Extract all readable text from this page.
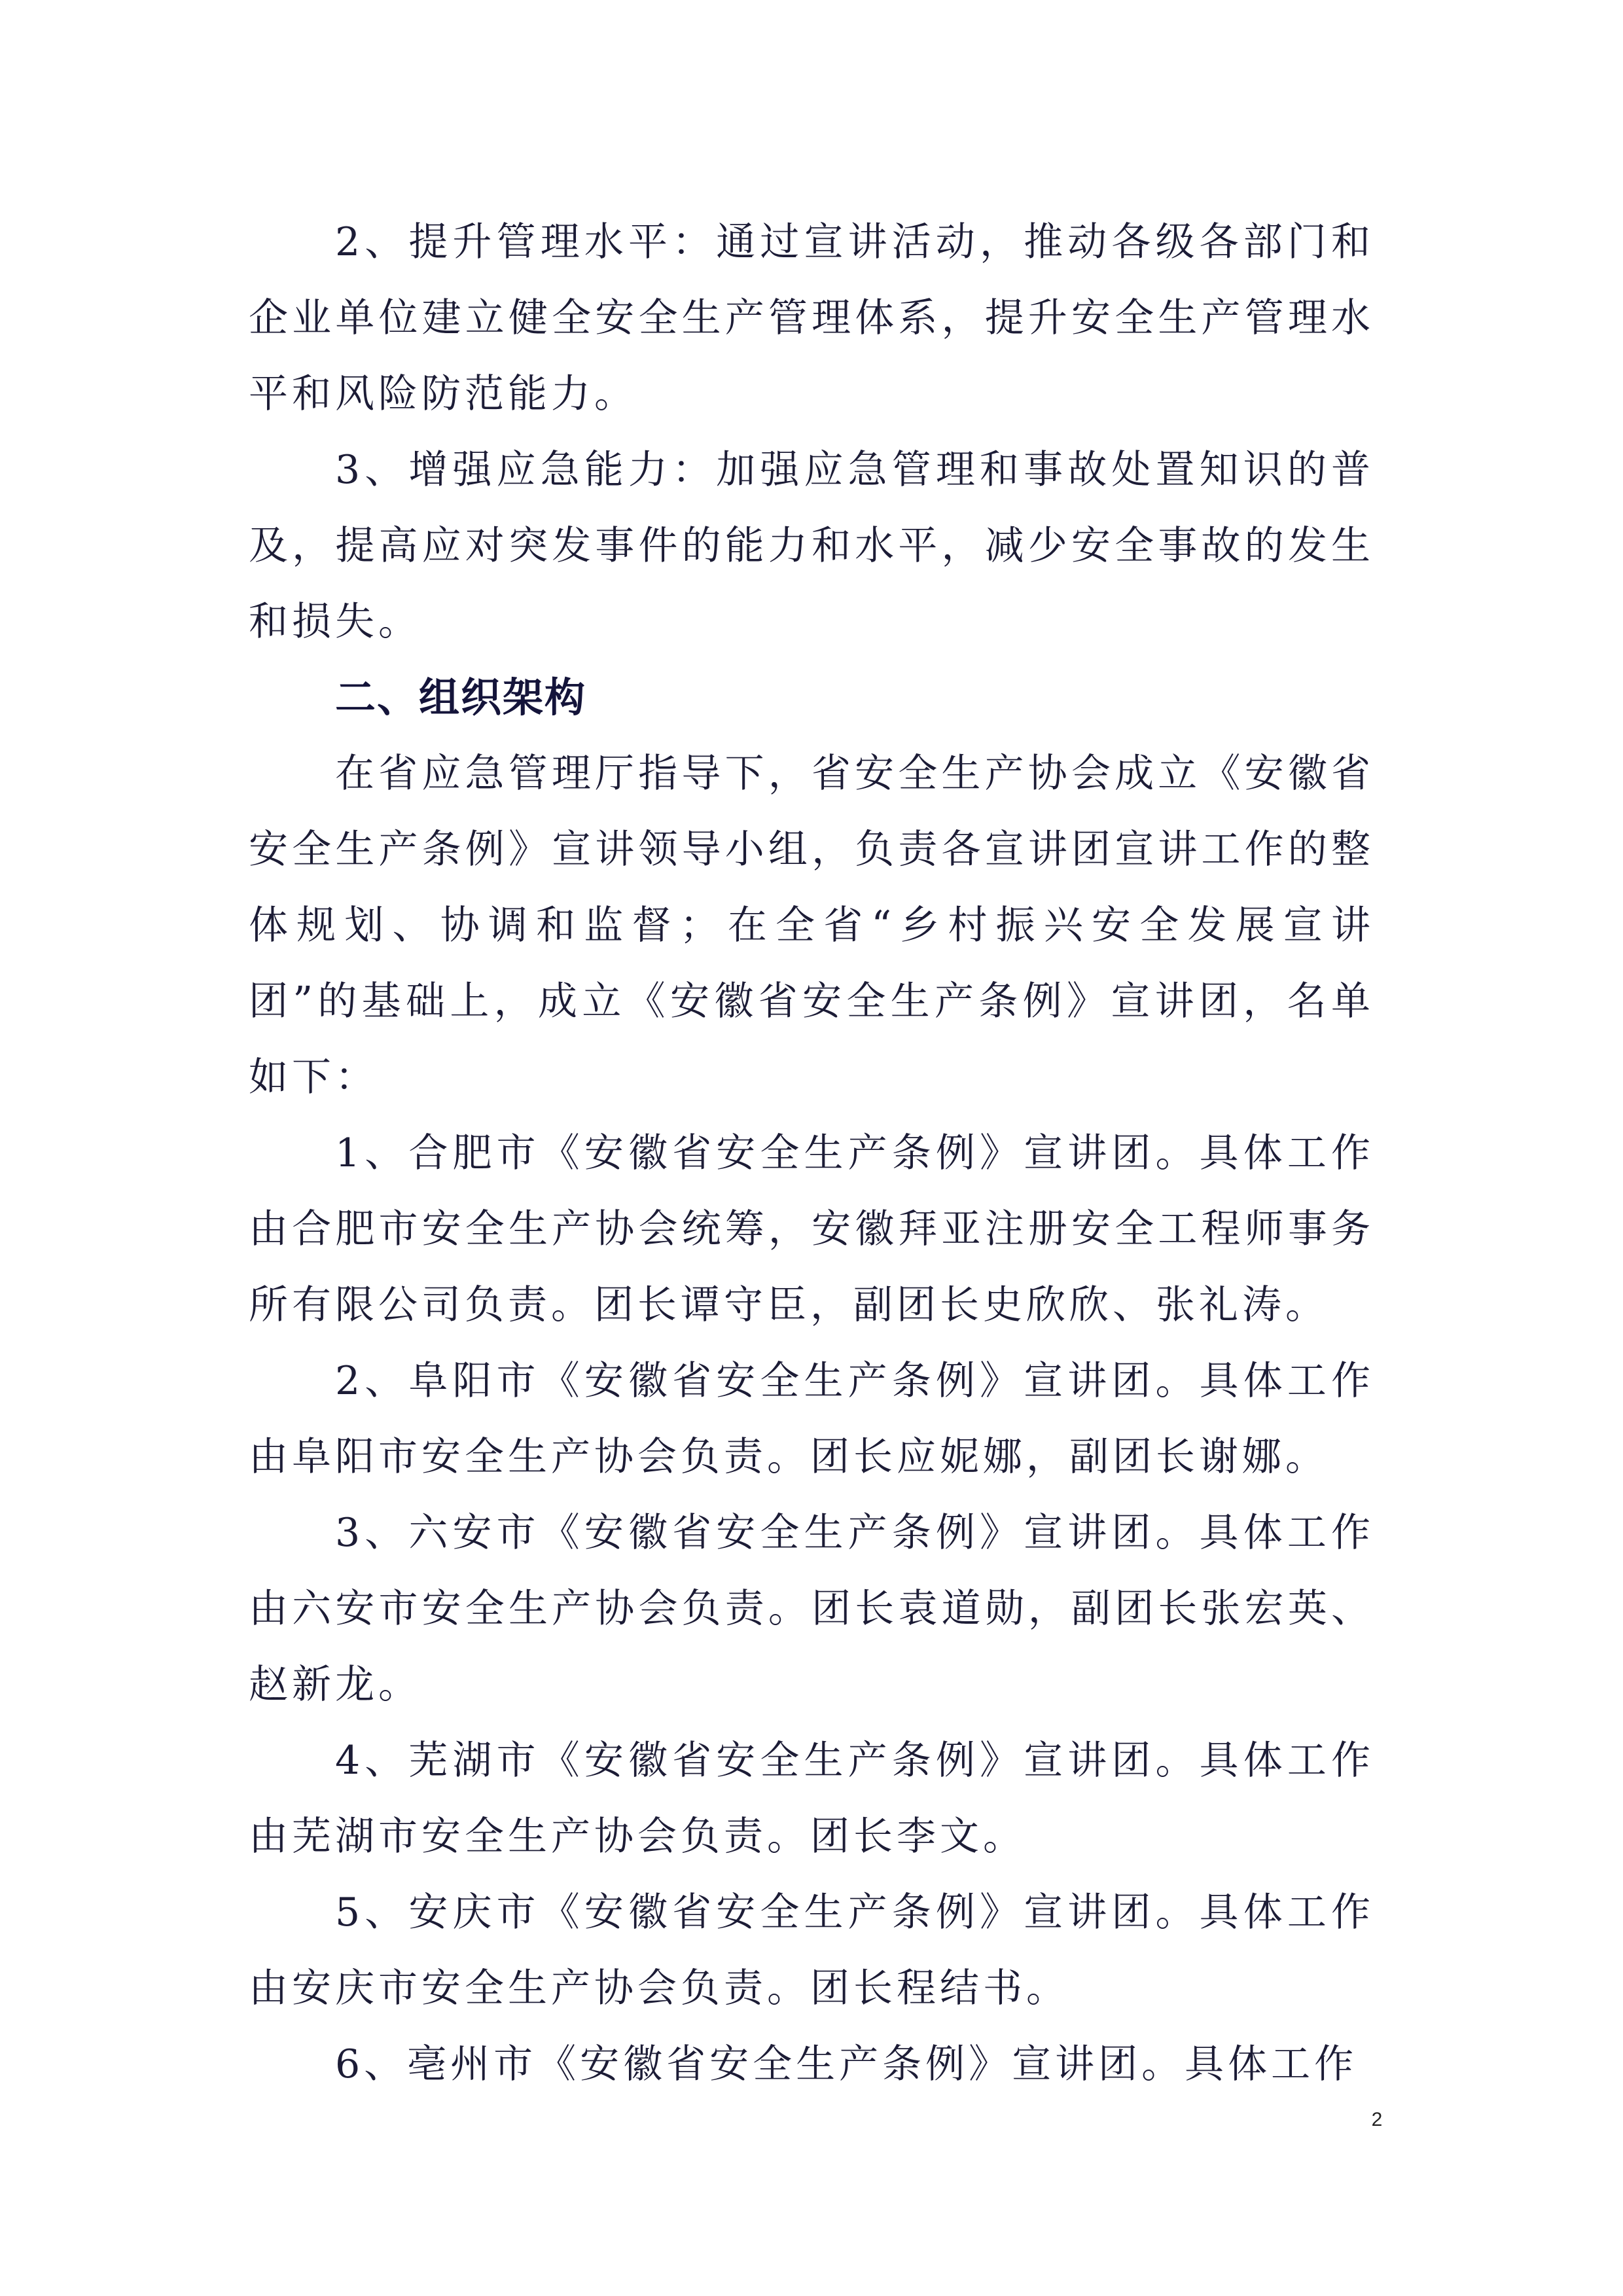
2、提升管理水平：通过宣讲活动，推动各级各部门和企业单位建立健全安全生产管理体系，提升安全生产管理水平和风险防范能力。

3、增强应急能力：加强应急管理和事故处置知识的普及，提高应对突发事件的能力和水平，减少安全事故的发生和损失。

二、组织架构

在省应急管理厅指导下，省安全生产协会成立《安徽省安全生产条例》宣讲领导小组，负责各宣讲团宣讲工作的整体规划、协调和监督；在全省“乡村振兴安全发展宣讲团”的基础上，成立《安徽省安全生产条例》宣讲团，名单如下：

1、合肥市《安徽省安全生产条例》宣讲团。具体工作由合肥市安全生产协会统筹，安徽拜亚注册安全工程师事务所有限公司负责。团长谭守臣，副团长史欣欣、张礼涛。

2、阜阳市《安徽省安全生产条例》宣讲团。具体工作由阜阳市安全生产协会负责。团长应妮娜，副团长谢娜。

3、六安市《安徽省安全生产条例》宣讲团。具体工作由六安市安全生产协会负责。团长袁道勋，副团长张宏英、赵新龙。

4、芜湖市《安徽省安全生产条例》宣讲团。具体工作由芜湖市安全生产协会负责。团长李文。

5、安庆市《安徽省安全生产条例》宣讲团。具体工作由安庆市安全生产协会负责。团长程结书。

6、亳州市《安徽省安全生产条例》宣讲团。具体工作

2
